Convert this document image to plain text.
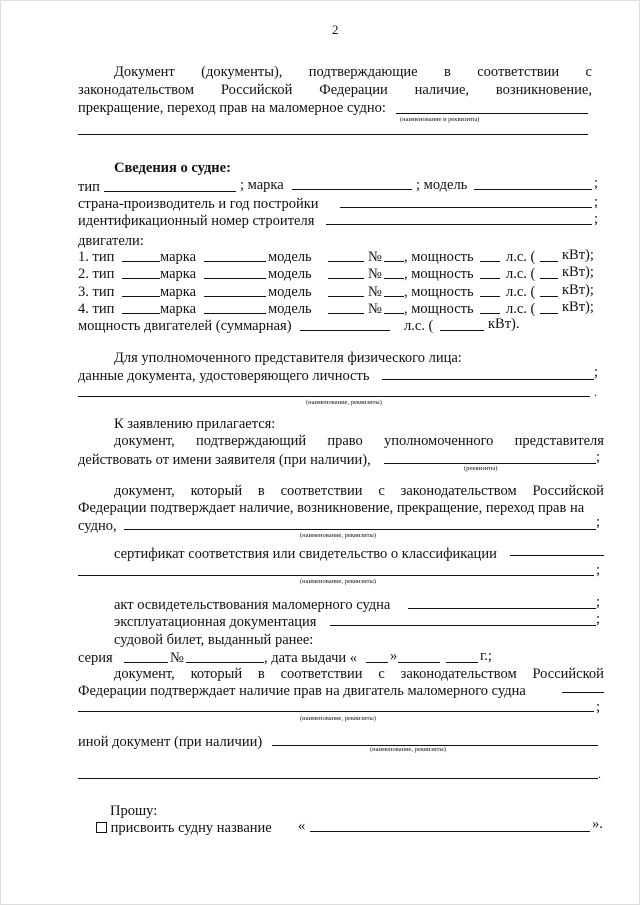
2
Документ (документы), подтверждающие в соответствии с
законодательством Российской Федерации наличие, возникновение,
прекращение, переход прав на маломерное судно:
(наименование и реквизиты)
Сведения о судне:
тип	; марка	; модель	;
страна-производитель и год постройки	;
идентификационный номер строителя	;
двигатели:
1. тип	марка	модель	№ , мощность л.с. ( кВт);
2. тип	марка	модель	№ , мощность л.с. ( кВт);
3. тип	марка	модель	№ , мощность л.с. ( кВт);
4. тип	марка	модель	№ , мощность л.с. ( кВт);
мощность двигателей (суммарная)	л.с. (	кВт).
Для уполномоченного представителя физического лица:
данные документа, удостоверяющего личность	;
.
(наименование, реквизиты)
К заявлению прилагается:
документ, подтверждающий право уполномоченного представителя
действовать от имени заявителя (при наличии),	;
(реквизиты)
документ, который в соответствии с законодательством Российской
Федерации подтверждает наличие, возникновение, прекращение, переход прав на
судно,	;
(наименование, реквизиты)
сертификат соответствия или свидетельство о классификации
;
(наименование, реквизиты)
акт освидетельствования маломерного судна	;
эксплуатационная документация	;
судовой билет, выданный ранее:
серия	№	, дата выдачи « »	г.;
документ, который в соответствии с законодательством Российской
Федерации подтверждает наличие прав на двигатель маломерного судна
;
(наименование, реквизиты)
иной документ (при наличии)	(наименование, реквизиты)
.
Прошу:
присвоить судну название «	».
